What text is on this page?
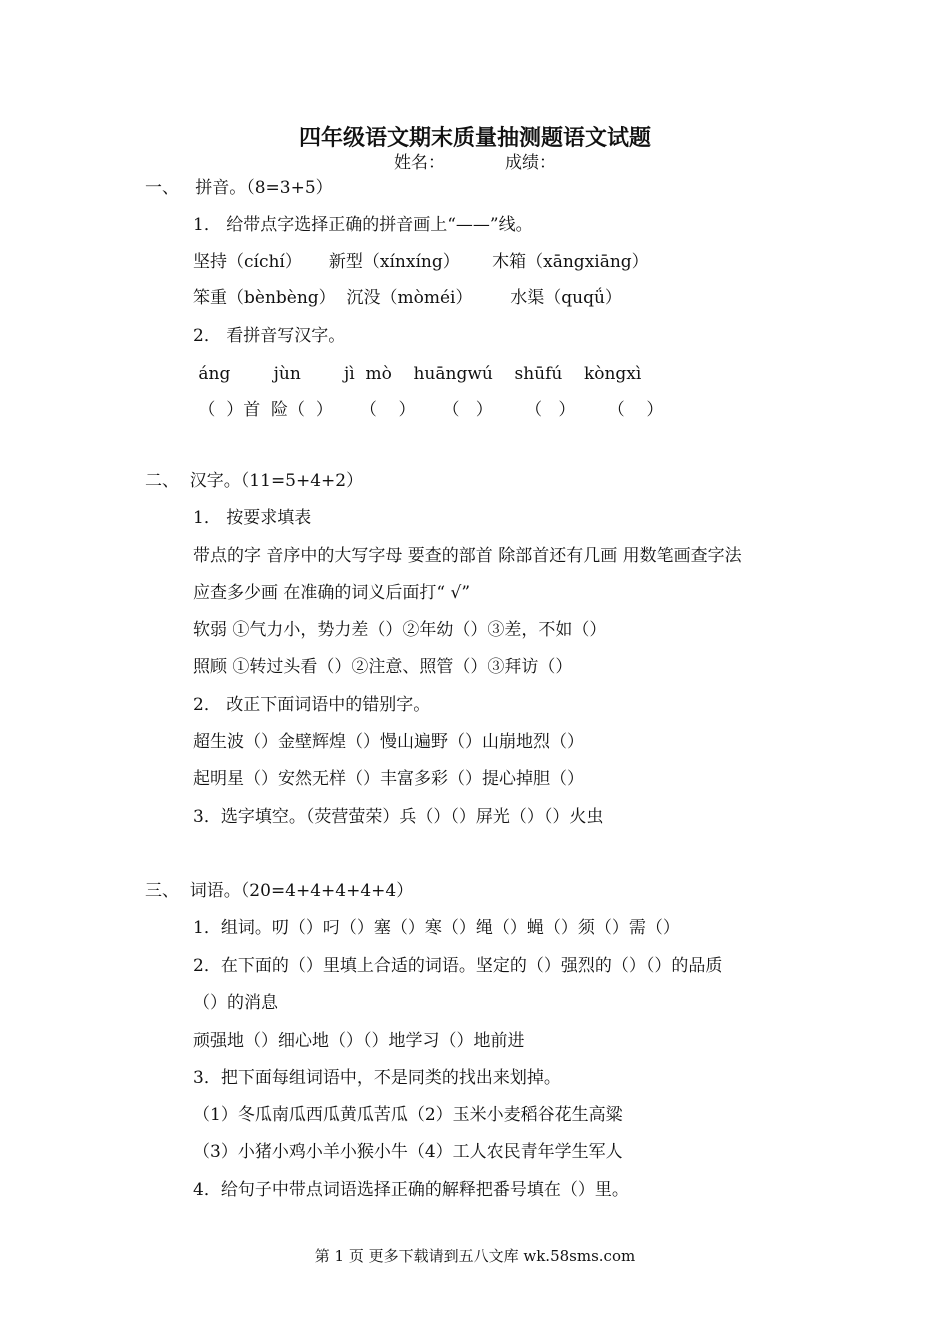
四年级语文期末质量抽测题语文试题
姓名：	成绩：
一、   拼音。（8=3+5）
1． 给带点字选择正确的拼音画上“——”线。
坚持（cíchí）     新型（xínxíng）      木箱（xāngxiāng）
笨重（bènbèng）  沉没（mòméi）       水渠（quqǘ）
2． 看拼音写汉字。
áng        jùn        jì  mò    huāngwú    shūfú    kòngxì
（  ）首  险（  ）     （    ）     （   ）      （   ）      （    ）
二、  汉字。（11=5+4+2）
1． 按要求填表
带点的字 音序中的大写字母 要查的部首 除部首还有几画 用数笔画查字法
应查多少画 在准确的词义后面打“ √”
软弱 ①气力小，势力差（）②年幼（）③差，不如（）
照顾 ①转过头看（）②注意、照管（）③拜访（）
2． 改正下面词语中的错别字。
超生波（）金壁辉煌（）慢山遍野（）山崩地烈（）
起明星（）安然无样（）丰富多彩（）提心掉胆（）
3．选字填空。（荧营萤荣）兵（）（）屏光（）（）火虫
三、  词语。（20=4+4+4+4+4）
1．组词。叨（）叼（）塞（）寒（）绳（）蝇（）须（）需（）
2．在下面的（）里填上合适的词语。坚定的（）强烈的（）（）的品质
（）的消息
顽强地（）细心地（）（）地学习（）地前进
3．把下面每组词语中，不是同类的找出来划掉。
（1）冬瓜南瓜西瓜黄瓜苦瓜（2）玉米小麦稻谷花生高粱
（3）小猪小鸡小羊小猴小牛（4）工人农民青年学生军人
4．给句子中带点词语选择正确的解释把番号填在（）里。
第 1 页 更多下载请到五八文库 wk.58sms.com
